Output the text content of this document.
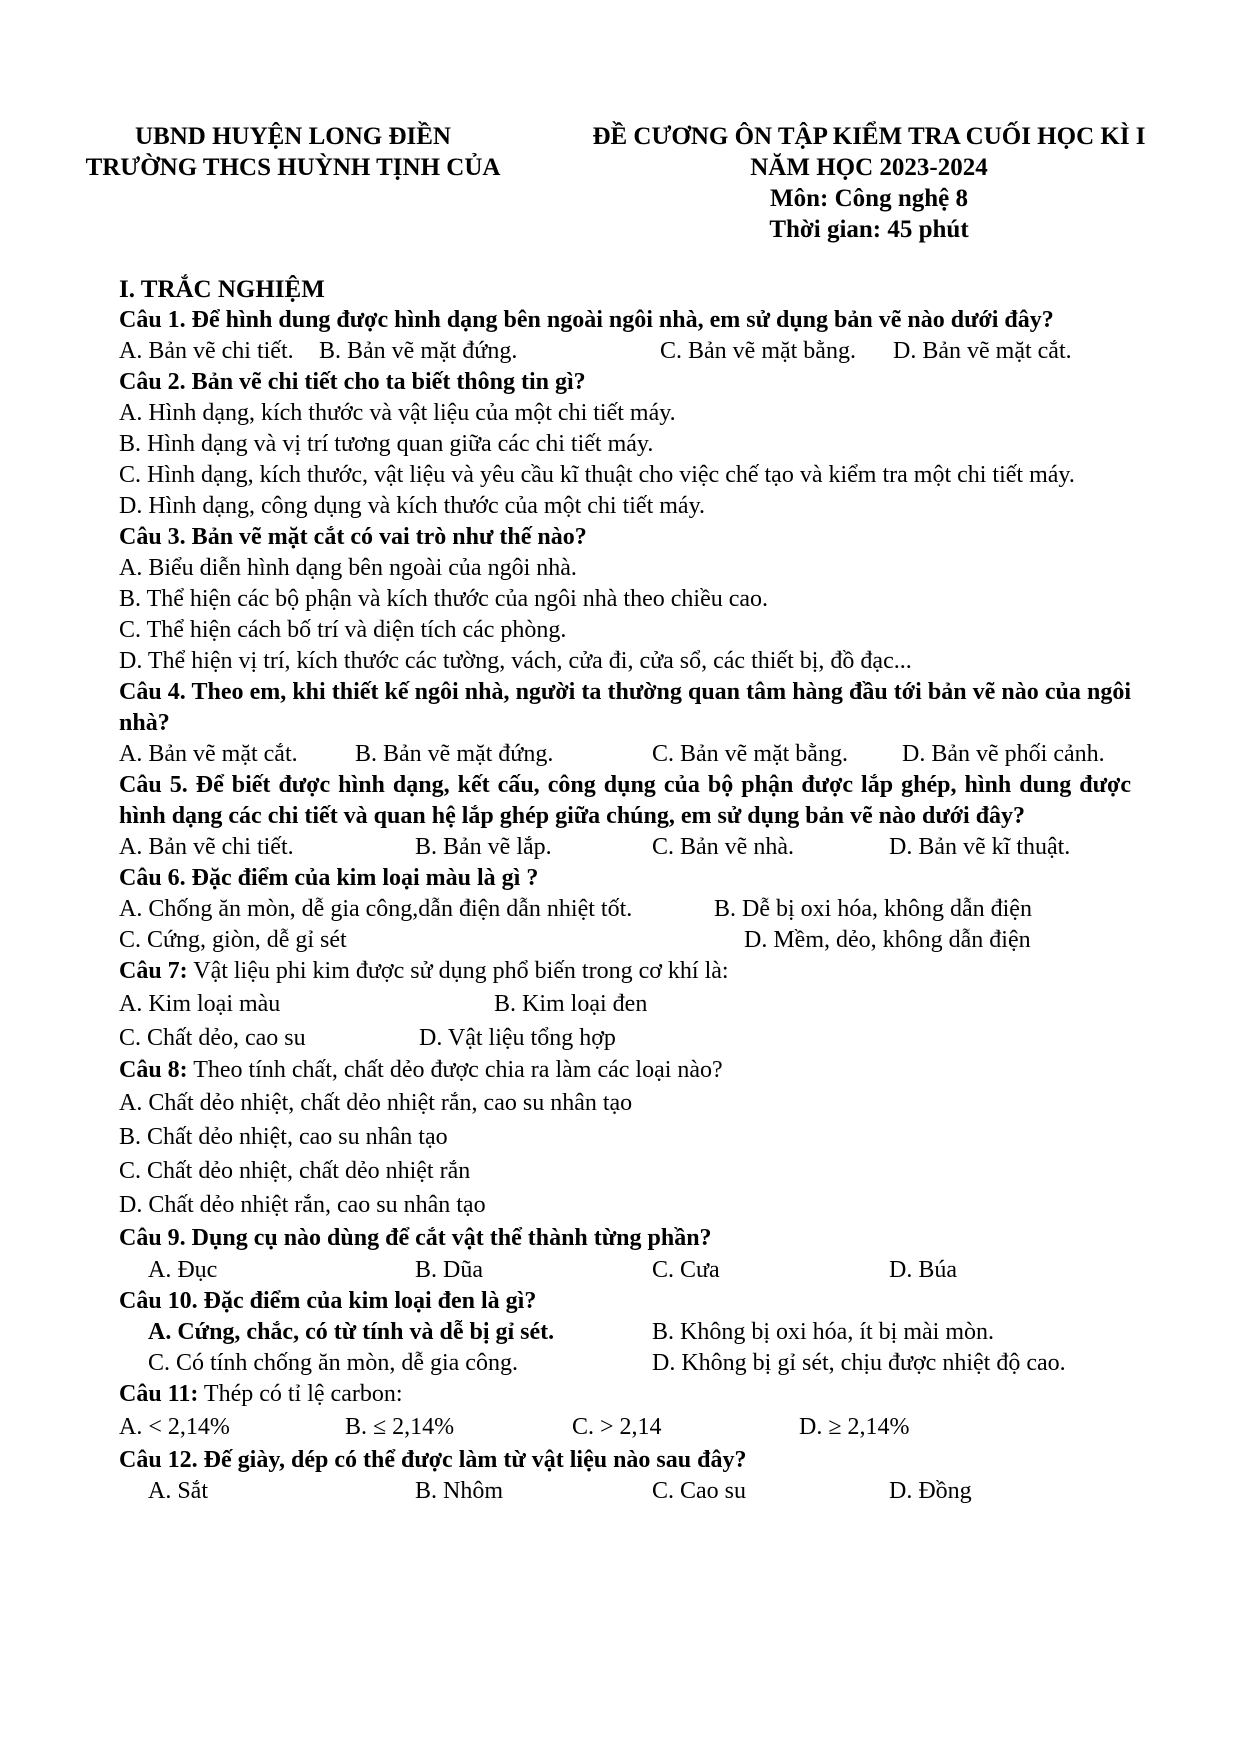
UBND HUYỆN LONG ĐIỀN
TRƯỜNG THCS HUỲNH TỊNH CỦA
ĐỀ CƯƠNG ÔN TẬP KIỂM TRA CUỐI HỌC KÌ I
NĂM HỌC 2023-2024
Môn: Công nghệ 8
Thời gian: 45 phút
I. TRẮC NGHIỆM
Câu 1. Để hình dung được hình dạng bên ngoài ngôi nhà, em sử dụng bản vẽ nào dưới đây?
A. Bản vẽ chi tiết. B. Bản vẽ mặt đứng.	C. Bản vẽ mặt bằng. D. Bản vẽ mặt cắt.
Câu 2. Bản vẽ chi tiết cho ta biết thông tin gì?
A. Hình dạng, kích thước và vật liệu của một chi tiết máy.
B. Hình dạng và vị trí tương quan giữa các chi tiết máy.
C. Hình dạng, kích thước, vật liệu và yêu cầu kĩ thuật cho việc chế tạo và kiểm tra một chi tiết máy.
D. Hình dạng, công dụng và kích thước của một chi tiết máy.
Câu 3. Bản vẽ mặt cắt có vai trò như thế nào?
A. Biểu diễn hình dạng bên ngoài của ngôi nhà.
B. Thể hiện các bộ phận và kích thước của ngôi nhà theo chiều cao.
C. Thể hiện cách bố trí và diện tích các phòng.
D. Thể hiện vị trí, kích thước các tường, vách, cửa đi, cửa sổ, các thiết bị, đồ đạc...
Câu 4. Theo em, khi thiết kế ngôi nhà, người ta thường quan tâm hàng đầu tới bản vẽ nào của ngôi nhà?
A. Bản vẽ mặt cắt. B. Bản vẽ mặt đứng.	C. Bản vẽ mặt bằng. D. Bản vẽ phối cảnh.
Câu 5. Để biết được hình dạng, kết cấu, công dụng của bộ phận được lắp ghép, hình dung được hình dạng các chi tiết và quan hệ lắp ghép giữa chúng, em sử dụng bản vẽ nào dưới đây?
A. Bản vẽ chi tiết.	B. Bản vẽ lắp.	C. Bản vẽ nhà.	D. Bản vẽ kĩ thuật.
Câu 6. Đặc điểm của kim loại màu là gì ?
A. Chống ăn mòn, dễ gia công,dẫn điện dẫn nhiệt tốt.	B. Dễ bị oxi hóa, không dẫn điện
C. Cứng, giòn, dễ gỉ sét	D. Mềm, dẻo, không dẫn điện
Câu 7: Vật liệu phi kim được sử dụng phổ biến trong cơ khí là:
A. Kim loại màu	B. Kim loại đen
C. Chất dẻo, cao su	D. Vật liệu tổng hợp
Câu 8: Theo tính chất, chất dẻo được chia ra làm các loại nào?
A. Chất dẻo nhiệt, chất dẻo nhiệt rắn, cao su nhân tạo
B. Chất dẻo nhiệt, cao su nhân tạo
C. Chất dẻo nhiệt, chất dẻo nhiệt rắn
D. Chất dẻo nhiệt rắn, cao su nhân tạo
Câu 9. Dụng cụ nào dùng để cắt vật thể thành từng phần?
A. Đục	B. Dũa	C. Cưa	D. Búa
Câu 10. Đặc điểm của kim loại đen là gì?
A. Cứng, chắc, có từ tính và dễ bị gỉ sét.	B. Không bị oxi hóa, ít bị mài mòn.
C. Có tính chống ăn mòn, dễ gia công.	D. Không bị gỉ sét, chịu được nhiệt độ cao.
Câu 11: Thép có tỉ lệ carbon:
A. < 2,14%	B. ≤ 2,14%	C. > 2,14	D. ≥ 2,14%
Câu 12. Đế giày, dép có thể được làm từ vật liệu nào sau đây?
A. Sắt	B. Nhôm	C. Cao su	D. Đồng
